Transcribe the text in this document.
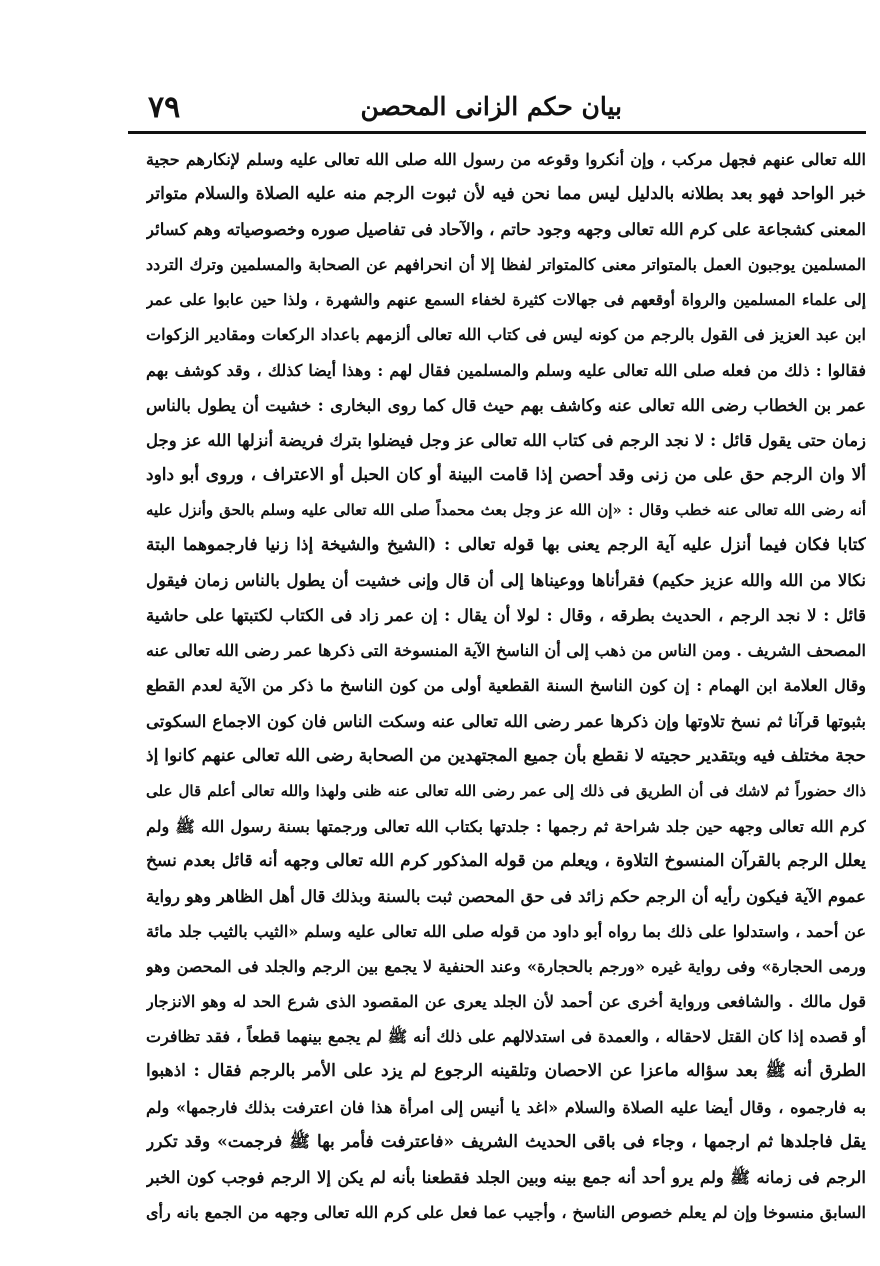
بيان حكم الزانى المحصن
٧٩
الله تعالى عنهم فجهل مركب ، وإن أنكروا وقوعه من رسول الله صلى الله تعالى عليه وسلم لإنكارهم حجية
خبر الواحد فهو بعد بطلانه بالدليل ليس مما نحن فيه لأن ثبوت الرجم منه عليه الصلاة والسلام متواتر
المعنى كشجاعة على كرم الله تعالى وجهه وجود حاتم ، والآحاد فى تفاصيل صوره وخصوصياته وهم كسائر
المسلمين يوجبون العمل بالمتواتر معنى كالمتواتر لفظا إلا أن انحرافهم عن الصحابة والمسلمين وترك التردد
إلى علماء المسلمين والرواة أوقعهم فى جهالات كثيرة لخفاء السمع عنهم والشهرة ، ولذا حين عابوا على عمر
ابن عبد العزيز فى القول بالرجم من كونه ليس فى كتاب الله تعالى ألزمهم باعداد الركعات ومقادير الزكوات
فقالوا : ذلك من فعله صلى الله تعالى عليه وسلم والمسلمين فقال لهم : وهذا أيضا كذلك ، وقد كوشف بهم
عمر بن الخطاب رضى الله تعالى عنه وكاشف بهم حيث قال كما روى البخارى : خشيت أن يطول بالناس
زمان حتى يقول قائل : لا نجد الرجم فى كتاب الله تعالى عز وجل فيضلوا بترك فريضة أنزلها الله عز وجل
ألا وان الرجم حق على من زنى وقد أحصن إذا قامت البينة أو كان الحبل أو الاعتراف ، وروى أبو داود
أنه رضى الله تعالى عنه خطب وقال : «إن الله عز وجل بعث محمداً صلى الله تعالى عليه وسلم بالحق وأنزل عليه
كتابا فكان فيما أنزل عليه آية الرجم يعنى بها قوله تعالى : (الشيخ والشيخة إذا زنيا فارجموهما البتة
نكالا من الله والله عزيز حكيم) فقرأناها ووعيناها إلى أن قال وإنى خشيت أن يطول بالناس زمان فيقول
قائل : لا نجد الرجم ، الحديث بطرقه ، وقال : لولا أن يقال : إن عمر زاد فى الكتاب لكتبتها على حاشية
المصحف الشريف . ومن الناس من ذهب إلى أن الناسخ الآية المنسوخة التى ذكرها عمر رضى الله تعالى عنه
وقال العلامة ابن الهمام : إن كون الناسخ السنة القطعية أولى من كون الناسخ ما ذكر من الآية لعدم القطع
بثبوتها قرآنا ثم نسخ تلاوتها وإن ذكرها عمر رضى الله تعالى عنه وسكت الناس فان كون الاجماع السكوتى
حجة مختلف فيه وبتقدير حجيته لا نقطع بأن جميع المجتهدين من الصحابة رضى الله تعالى عنهم كانوا إذ
ذاك حضوراً ثم لاشك فى أن الطريق فى ذلك إلى عمر رضى الله تعالى عنه ظنى ولهذا والله تعالى أعلم قال على
كرم الله تعالى وجهه حين جلد شراحة ثم رجمها : جلدتها بكتاب الله تعالى ورجمتها بسنة رسول الله ﷺ ولم
يعلل الرجم بالقرآن المنسوخ التلاوة ، ويعلم من قوله المذكور كرم الله تعالى وجهه أنه قائل بعدم نسخ
عموم الآية فيكون رأيه أن الرجم حكم زائد فى حق المحصن ثبت بالسنة وبذلك قال أهل الظاهر وهو رواية
عن أحمد ، واستدلوا على ذلك بما رواه أبو داود من قوله صلى الله تعالى عليه وسلم «الثيب بالثيب جلد مائة
ورمى الحجارة» وفى رواية غيره «ورجم بالحجارة» وعند الحنفية لا يجمع بين الرجم والجلد فى المحصن وهو
قول مالك . والشافعى ورواية أخرى عن أحمد لأن الجلد يعرى عن المقصود الذى شرع الحد له وهو الانزجار
أو قصده إذا كان القتل لاحقاله ، والعمدة فى استدلالهم على ذلك أنه ﷺ لم يجمع بينهما قطعاً ، فقد تظافرت
الطرق أنه ﷺ بعد سؤاله ماعزا عن الاحصان وتلقينه الرجوع لم يزد على الأمر بالرجم فقال : اذهبوا
به فارجموه ، وقال أيضا عليه الصلاة والسلام «اغد يا أنيس إلى امرأة هذا فان اعترفت بذلك فارجمها» ولم
يقل فاجلدها ثم ارجمها ، وجاء فى باقى الحديث الشريف «فاعترفت فأمر بها ﷺ فرجمت» وقد تكرر
الرجم فى زمانه ﷺ ولم يرو أحد أنه جمع بينه وبين الجلد فقطعنا بأنه لم يكن إلا الرجم فوجب كون الخبر
السابق منسوخا وإن لم يعلم خصوص الناسخ ، وأجيب عما فعل على كرم الله تعالى وجهه من الجمع بانه رأى
